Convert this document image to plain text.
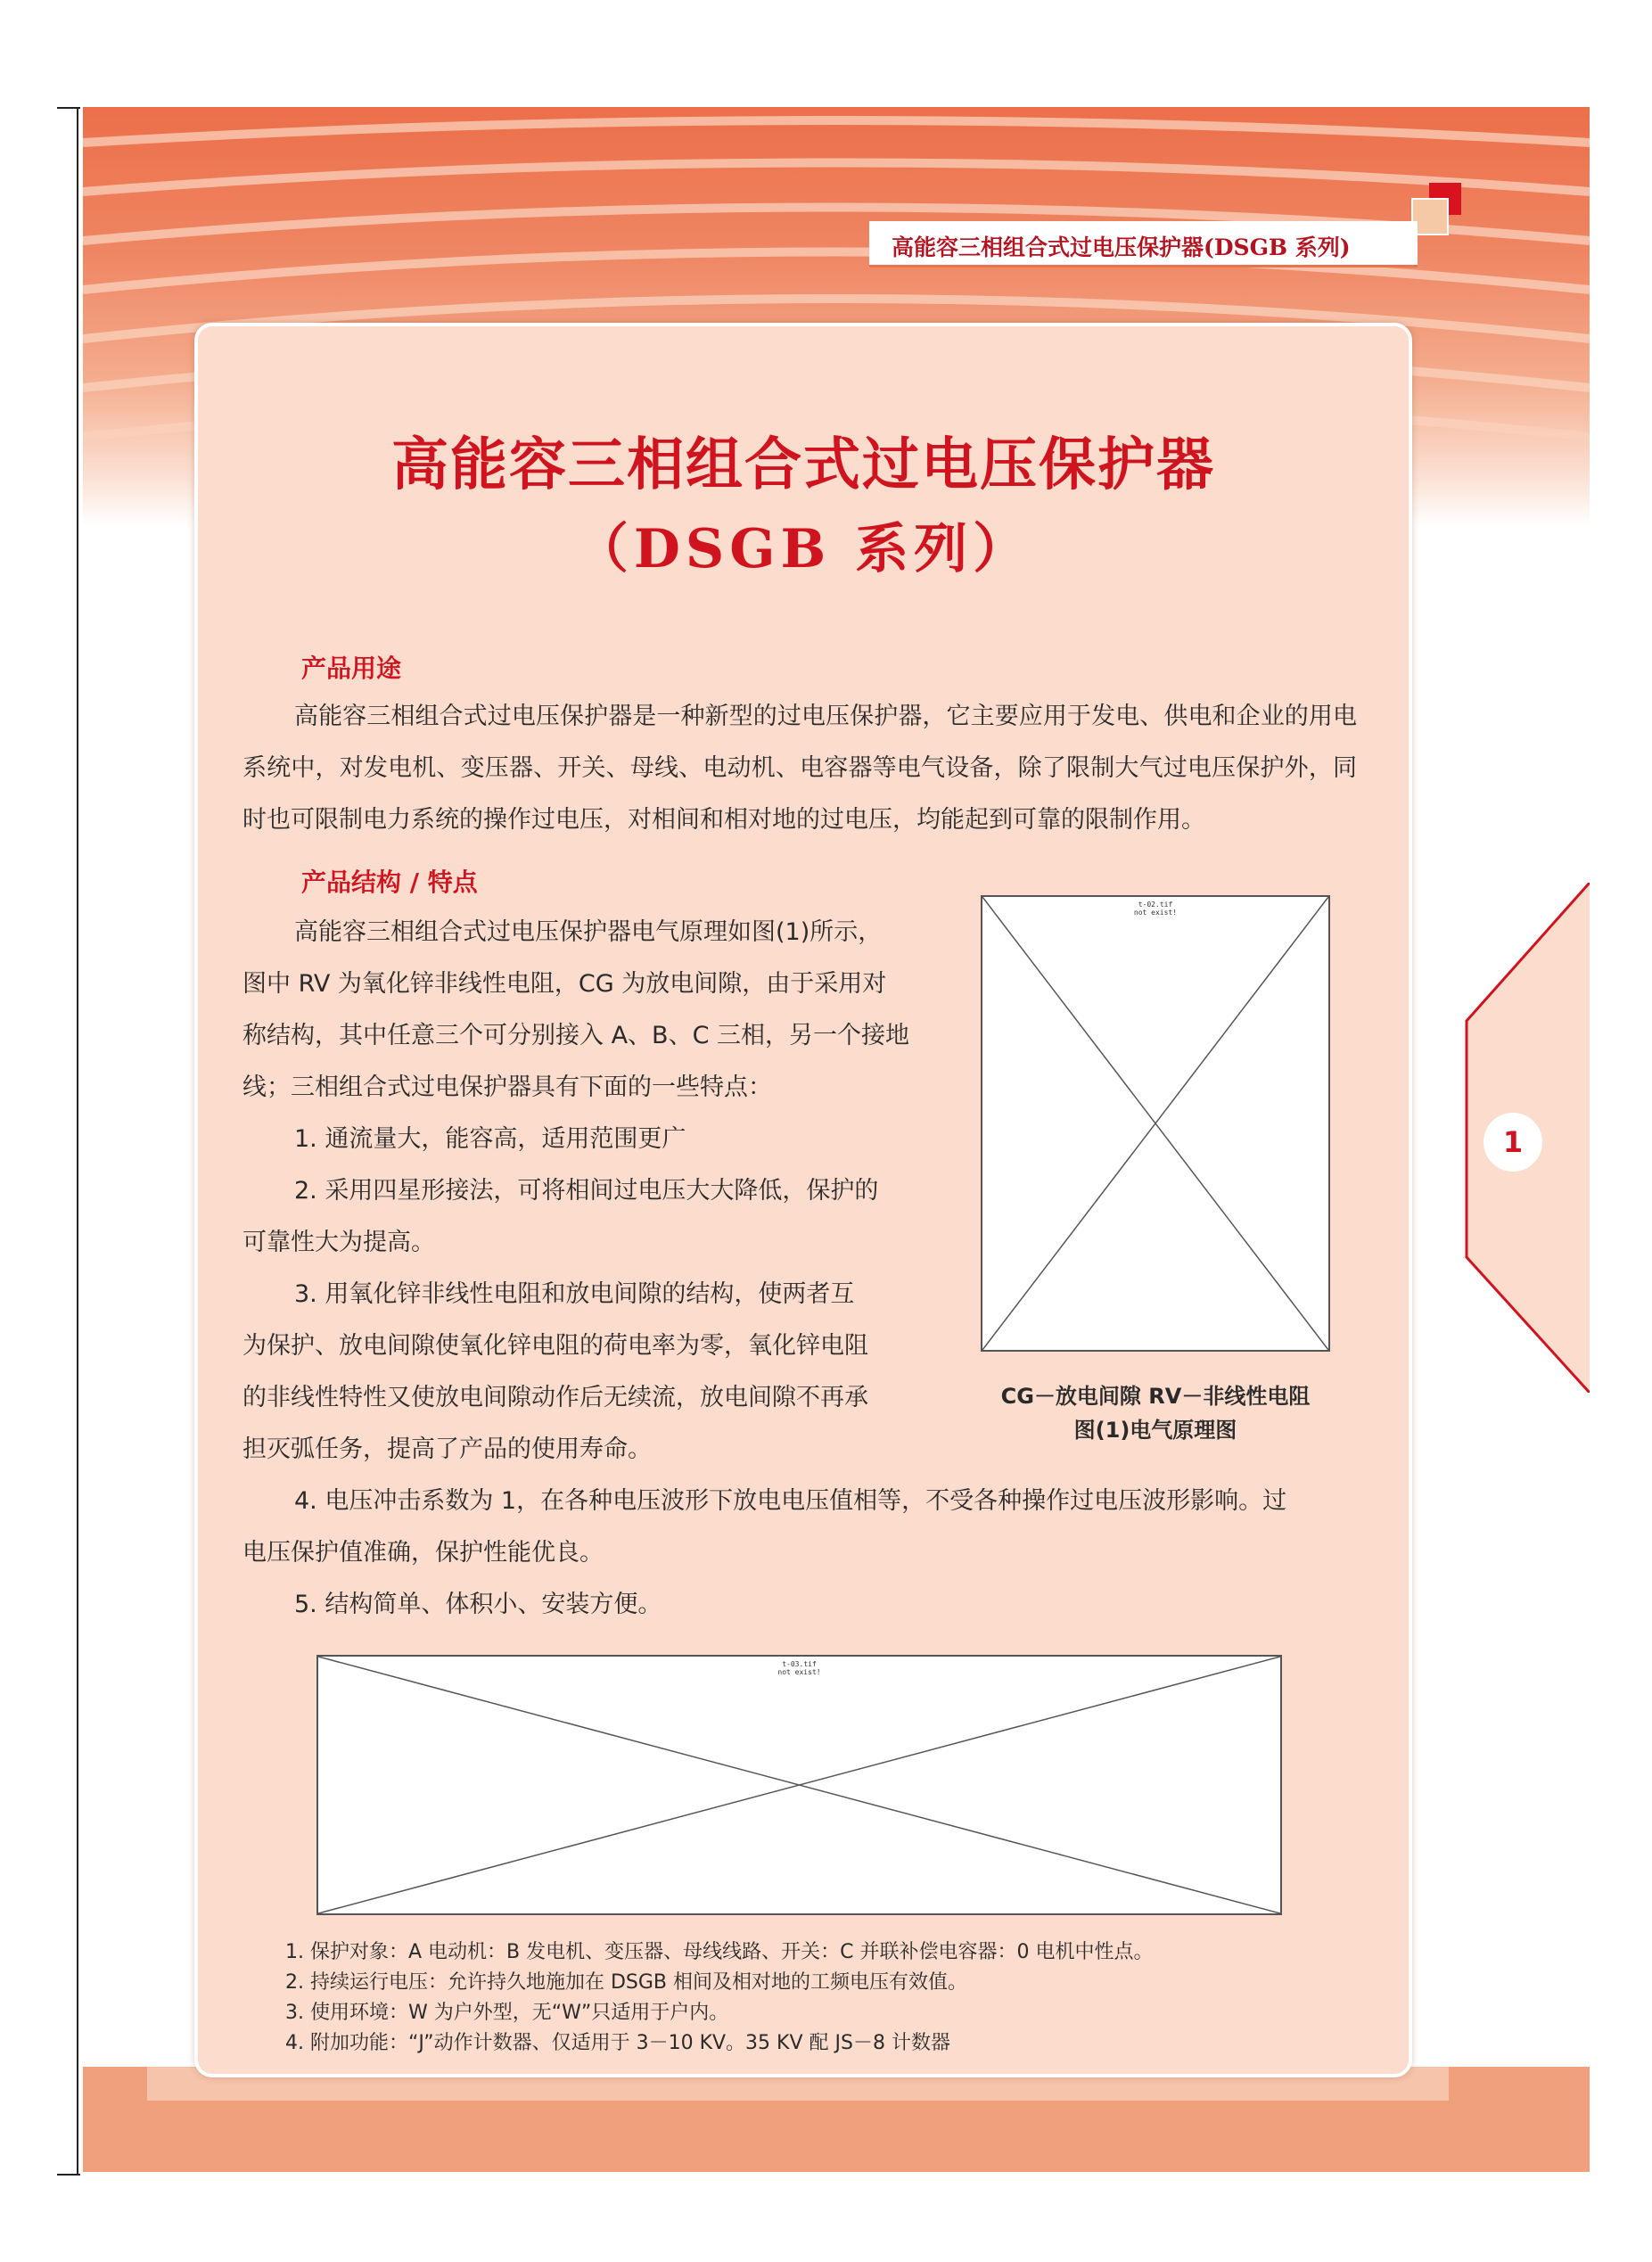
高能容三相组合式过电压保护器(DSGB 系列)
1
高能容三相组合式过电压保护器
（DSGB 系列）
产品用途

高能容三相组合式过电压保护器是一种新型的过电压保护器，它主要应用于发电、供电和企业的用电系统中，对发电机、变压器、开关、母线、电动机、电容器等电气设备，除了限制大气过电压保护外，同时也可限制电力系统的操作过电压，对相间和相对地的过电压，均能起到可靠的限制作用。

产品结构 / 特点
高能容三相组合式过电压保护器电气原理如图(1)所示，
图中 RV 为氧化锌非线性电阻，CG 为放电间隙，由于采用对
称结构，其中任意三个可分别接入 A、B、C 三相，另一个接地
线；三相组合式过电保护器具有下面的一些特点：
1. 通流量大，能容高，适用范围更广
2. 采用四星形接法，可将相间过电压大大降低，保护的
可靠性大为提高。
3. 用氧化锌非线性电阻和放电间隙的结构，使两者互
为保护、放电间隙使氧化锌电阻的荷电率为零，氧化锌电阻
的非线性特性又使放电间隙动作后无续流，放电间隙不再承
担灭弧任务，提高了产品的使用寿命。
4. 电压冲击系数为 1，在各种电压波形下放电电压值相等，不受各种操作过电压波形影响。过
电压保护值准确，保护性能优良。
5. 结构简单、体积小、安装方便。
t-02.tif
not exist!
CG－放电间隙 RV－非线性电阻
图(1)电气原理图
t-03.tif
not exist!
1. 保护对象：A 电动机：B 发电机、变压器、母线线路、开关：C 并联补偿电容器：0 电机中性点。
2. 持续运行电压：允许持久地施加在 DSGB 相间及相对地的工频电压有效值。
3. 使用环境：W 为户外型，无“W”只适用于户内。
4. 附加功能：“J”动作计数器、仅适用于 3－10 KV。35 KV 配 JS－8 计数器
